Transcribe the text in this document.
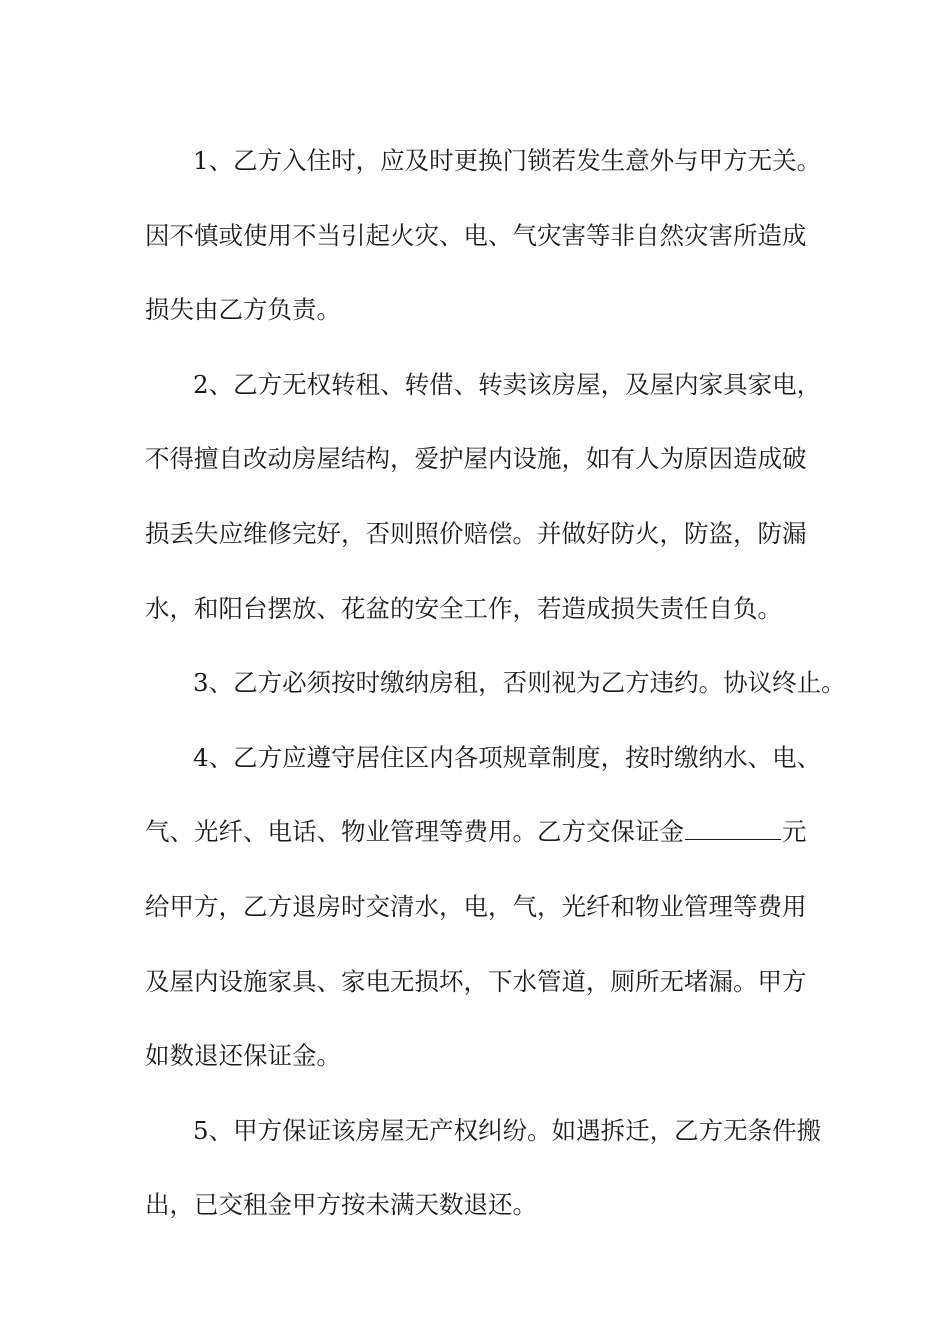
1、乙方入住时，应及时更换门锁若发生意外与甲方无关。
因不慎或使用不当引起火灾、电、气灾害等非自然灾害所造成
损失由乙方负责。
2、乙方无权转租、转借、转卖该房屋，及屋内家具家电，
不得擅自改动房屋结构，爱护屋内设施，如有人为原因造成破
损丢失应维修完好，否则照价赔偿。并做好防火，防盗，防漏
水，和阳台摆放、花盆的安全工作，若造成损失责任自负。
3、乙方必须按时缴纳房租，否则视为乙方违约。协议终止。
4、乙方应遵守居住区内各项规章制度，按时缴纳水、电、
气、光纤、电话、物业管理等费用。乙方交保证金	元
给甲方，乙方退房时交清水，电，气，光纤和物业管理等费用
及屋内设施家具、家电无损坏，下水管道，厕所无堵漏。甲方
如数退还保证金。
5、甲方保证该房屋无产权纠纷。如遇拆迁，乙方无条件搬
出，已交租金甲方按未满天数退还。
